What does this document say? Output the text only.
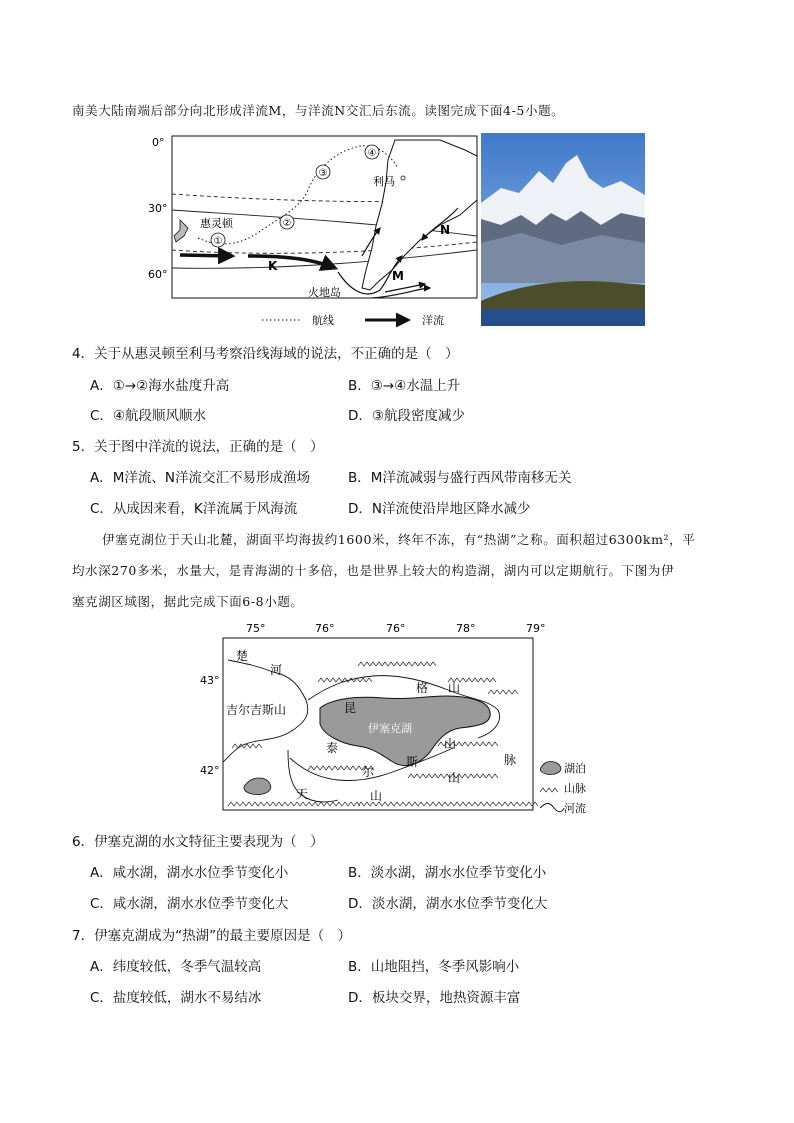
南美大陆南端后部分向北形成洋流M，与洋流N交汇后东流。读图完成下面4-5小题。
0°
30°
60°
①
②
③
④
惠灵顿
利马
火地岛
K
M
N
航线	洋流
4．关于从惠灵顿至利马考察沿线海域的说法，不正确的是（　）
A．①→②海水盐度升高	B．③→④水温上升
C．④航段顺风顺水	D．③航段密度减少
5．关于图中洋流的说法，正确的是（　）
A．M洋流、N洋流交汇不易形成渔场	B．M洋流减弱与盛行西风带南移无关
C．从成因来看，K洋流属于风海流	D．N洋流使沿岸地区降水减少
伊塞克湖位于天山北麓，湖面平均海拔约1600米，终年不冻，有“热湖”之称。面积超过6300km²，平
均水深270多米，水量大，是青海湖的十多倍，也是世界上较大的构造湖，湖内可以定期航行。下图为伊
塞克湖区域图，据此完成下面6-8小题。
75°	76°	76°	78°	79°
43°
42°
伊塞克湖
楚
河
吉尔吉斯山	昆
格 山
泰	山
脉
尔
斯
山
天	山
湖泊
山脉
河流
6．伊塞克湖的水文特征主要表现为（　）
A．咸水湖，湖水水位季节变化小	B．淡水湖，湖水水位季节变化小
C．咸水湖，湖水水位季节变化大	D．淡水湖，湖水水位季节变化大
7．伊塞克湖成为“热湖”的最主要原因是（　）
A．纬度较低，冬季气温较高	B．山地阻挡，冬季风影响小
C．盐度较低，湖水不易结冰	D．板块交界，地热资源丰富
